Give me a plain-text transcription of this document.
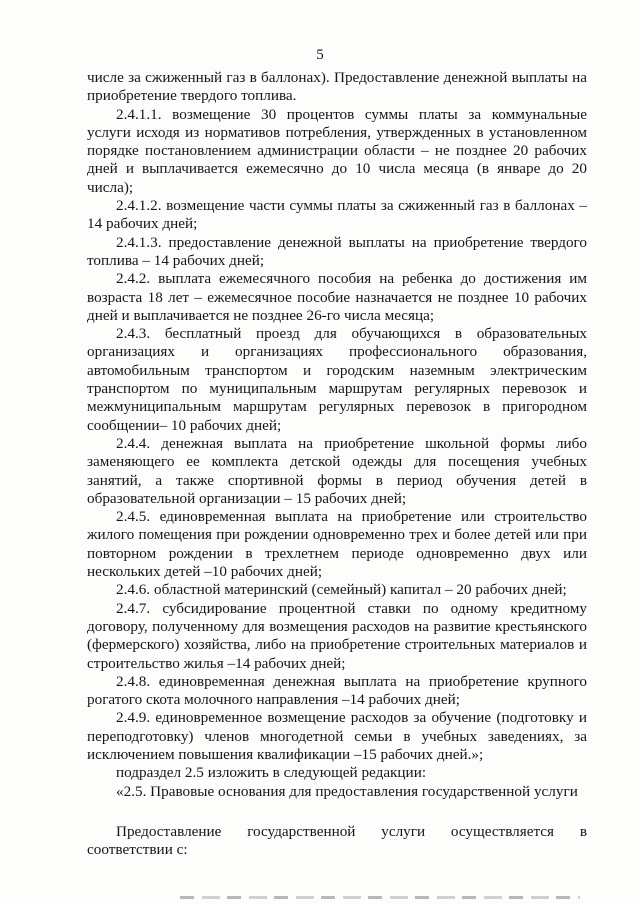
5

числе за сжиженный газ в баллонах). Предоставление денежной выплаты на приобретение твердого топлива.

2.4.1.1. возмещение 30 процентов суммы платы за коммунальные услуги исходя из нормативов потребления, утвержденных в установленном порядке постановлением администрации области – не позднее 20 рабочих дней и выплачивается ежемесячно до 10 числа месяца (в январе до 20 числа);

2.4.1.2. возмещение части суммы платы за сжиженный газ в баллонах – 14 рабочих дней;

2.4.1.3. предоставление денежной выплаты на приобретение твердого топлива – 14 рабочих дней;

2.4.2. выплата ежемесячного пособия на ребенка до достижения им возраста 18 лет – ежемесячное пособие назначается не позднее 10 рабочих дней и выплачивается не позднее 26-го числа месяца;

2.4.3. бесплатный проезд для обучающихся в образовательных организациях и организациях профессионального образования, автомобильным транспортом и городским наземным электрическим транспортом по муниципальным маршрутам регулярных перевозок и межмуниципальным маршрутам регулярных перевозок в пригородном сообщении– 10 рабочих дней;

2.4.4. денежная выплата на приобретение школьной формы либо заменяющего ее комплекта детской одежды для посещения учебных занятий, а также спортивной формы в период обучения детей в образовательной организации – 15 рабочих дней;

2.4.5. единовременная выплата на приобретение или строительство жилого помещения при рождении одновременно трех и более детей или при повторном рождении в трехлетнем периоде одновременно двух или нескольких детей –10 рабочих дней;

2.4.6. областной материнский (семейный) капитал – 20 рабочих дней;

2.4.7. субсидирование процентной ставки по одному кредитному договору, полученному для возмещения расходов на развитие крестьянского (фермерского) хозяйства, либо на приобретение строительных материалов и строительство жилья –14 рабочих дней;

2.4.8. единовременная денежная выплата на приобретение крупного рогатого скота молочного направления –14 рабочих дней;

2.4.9. единовременное возмещение расходов за обучение (подготовку и переподготовку) членов многодетной семьи в учебных заведениях, за исключением повышения квалификации –15 рабочих дней.»;

подраздел 2.5 изложить в следующей редакции:

«2.5. Правовые основания для предоставления государственной услуги

Предоставление государственной услуги осуществляется в соответствии с:
